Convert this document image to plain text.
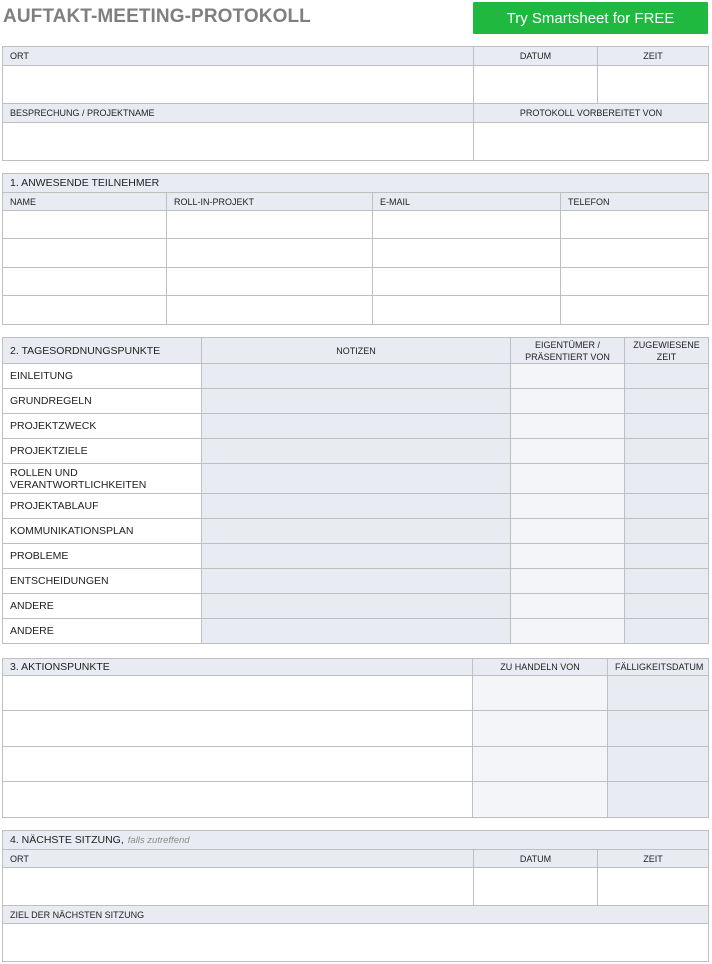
AUFTAKT-MEETING-PROTOKOLL	Try Smartsheet for FREE
ORT	DATUM	ZEIT

BESPRECHUNG / PROJEKTNAME	PROTOKOLL VORBEREITET VON	

1. ANWESENDE TEILNEHMER			
NAME	ROLL-IN-PROJEKT	E-MAIL	TELEFON

2. TAGESORDNUNGSPUNKTE	NOTIZEN	EIGENTÜMER / PRÄSENTIERT VON	ZUGEWIESENE ZEIT
EINLEITUNG			
GRUNDREGELN			
PROJEKTZWECK			
PROJEKTZIELE			
ROLLEN UND VERANTWORTLICHKEITEN			
PROJEKTABLAUF			
KOMMUNIKATIONSPLAN			
PROBLEME			
ENTSCHEIDUNGEN			
ANDERE			
ANDERE			
3. AKTIONSPUNKTE	ZU HANDELN VON	FÄLLIGKEITSDATUM

4. NÄCHSTE SITZUNG, falls zutreffend		
ORT	DATUM	ZEIT

ZIEL DER NÄCHSTEN SITZUNG		
